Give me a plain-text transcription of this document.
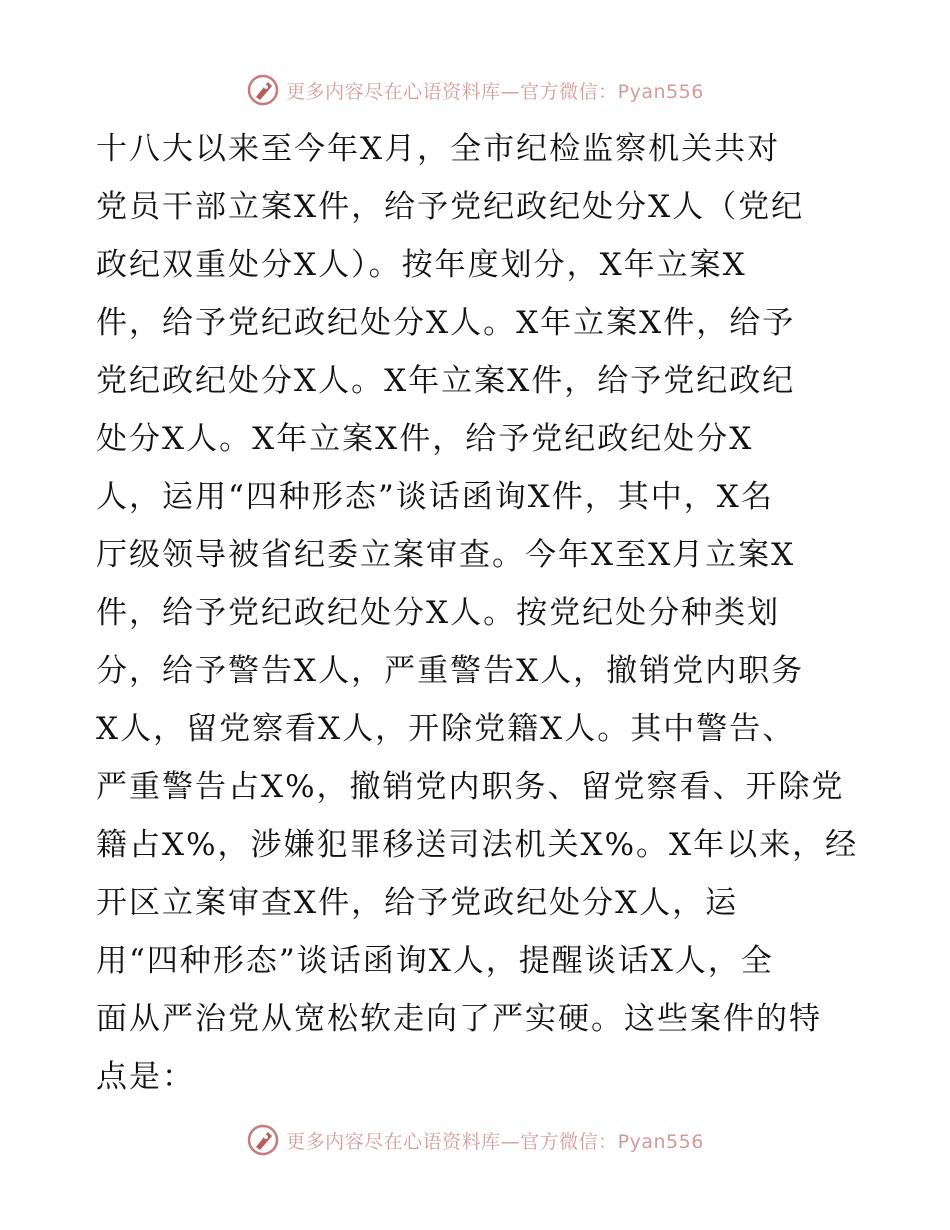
更多内容尽在心语资料库—官方微信：Pyan556
十八大以来至今年X月，全市纪检监察机关共对
党员干部立案X件，给予党纪政纪处分X人（党纪
政纪双重处分X人）。按年度划分，X年立案X
件，给予党纪政纪处分X人。X年立案X件，给予
党纪政纪处分X人。X年立案X件，给予党纪政纪
处分X人。X年立案X件，给予党纪政纪处分X
人，运用“四种形态”谈话函询X件，其中，X名
厅级领导被省纪委立案审查。今年X至X月立案X
件，给予党纪政纪处分X人。按党纪处分种类划
分，给予警告X人，严重警告X人，撤销党内职务
X人，留党察看X人，开除党籍X人。其中警告、
严重警告占X%，撤销党内职务、留党察看、开除党
籍占X%，涉嫌犯罪移送司法机关X%。X年以来，经
开区立案审查X件，给予党政纪处分X人，运
用“四种形态”谈话函询X人，提醒谈话X人，全
面从严治党从宽松软走向了严实硬。这些案件的特
点是：
更多内容尽在心语资料库—官方微信：Pyan556
